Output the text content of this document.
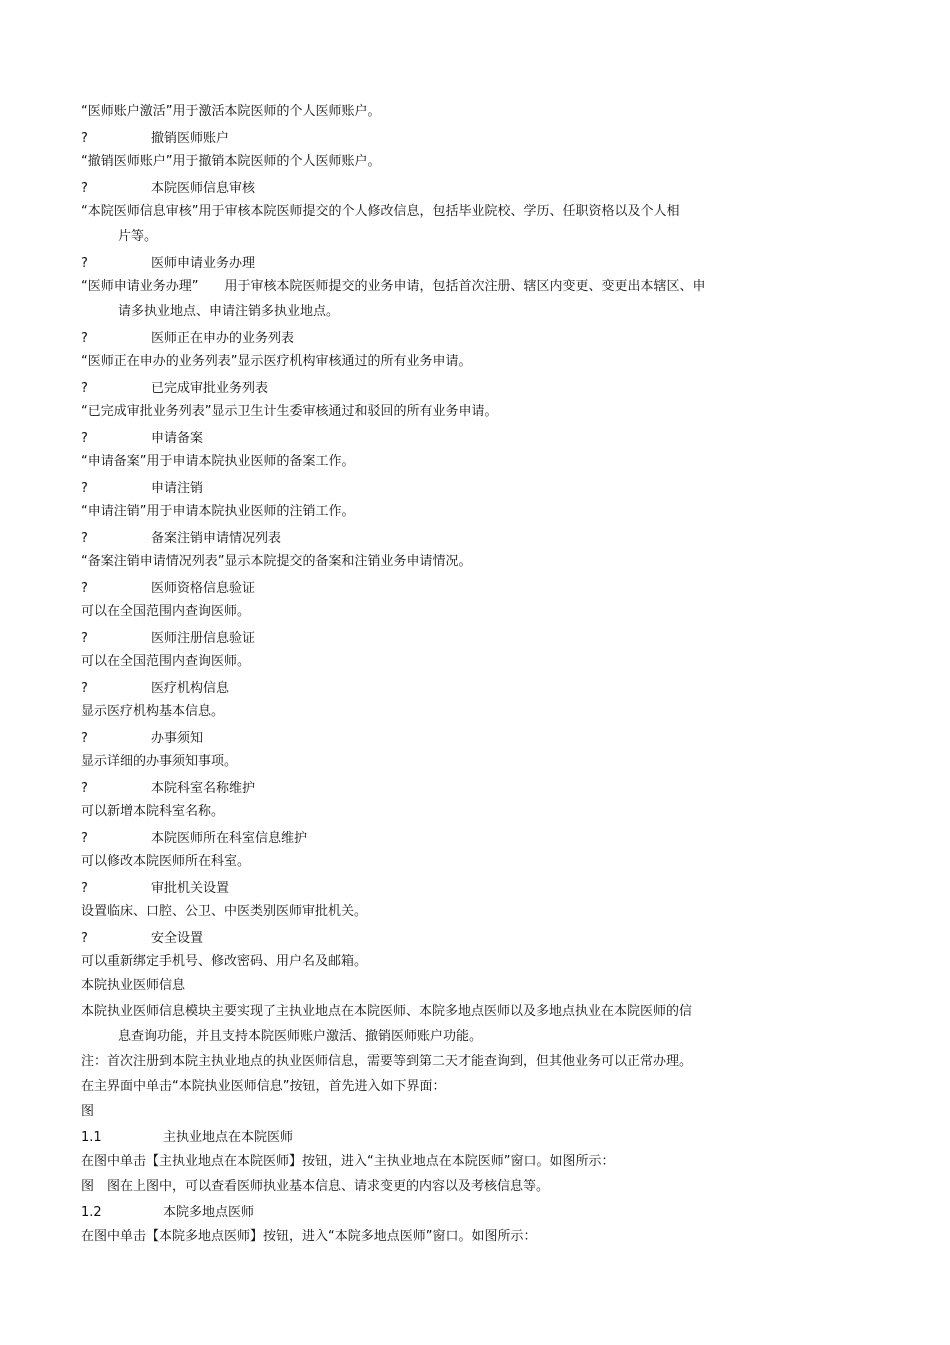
“医师账户激活”用于激活本院医师的个人医师账户。
?	撤销医师账户
“撤销医师账户”用于撤销本院医师的个人医师账户。
?	本院医师信息审核
“本院医师信息审核”用于审核本院医师提交的个人修改信息，包括毕业院校、学历、任职资格以及个人相
片等。
?	医师申请业务办理
“医师申请业务办理”　　用于审核本院医师提交的业务申请，包括首次注册、辖区内变更、变更出本辖区、申
请多执业地点、申请注销多执业地点。
?	医师正在申办的业务列表
“医师正在申办的业务列表”显示医疗机构审核通过的所有业务申请。
?	已完成审批业务列表
“已完成审批业务列表”显示卫生计生委审核通过和驳回的所有业务申请。
?	申请备案
“申请备案”用于申请本院执业医师的备案工作。
?	申请注销
“申请注销”用于申请本院执业医师的注销工作。
?	备案注销申请情况列表
“备案注销申请情况列表”显示本院提交的备案和注销业务申请情况。
?	医师资格信息验证
可以在全国范围内查询医师。
?	医师注册信息验证
可以在全国范围内查询医师。
?	医疗机构信息
显示医疗机构基本信息。
?	办事须知
显示详细的办事须知事项。
?	本院科室名称维护
可以新增本院科室名称。
?	本院医师所在科室信息维护
可以修改本院医师所在科室。
?	审批机关设置
设置临床、口腔、公卫、中医类别医师审批机关。
?	安全设置
可以重新绑定手机号、修改密码、用户名及邮箱。
本院执业医师信息
本院执业医师信息模块主要实现了主执业地点在本院医师、本院多地点医师以及多地点执业在本院医师的信
息查询功能，并且支持本院医师账户激活、撤销医师账户功能。
注：首次注册到本院主执业地点的执业医师信息，需要等到第二天才能查询到，但其他业务可以正常办理。
在主界面中单击“本院执业医师信息”按钮，首先进入如下界面：
图
1.1	主执业地点在本院医师
在图中单击【主执业地点在本院医师】按钮，进入“主执业地点在本院医师”窗口。如图所示：
图　图在上图中，可以查看医师执业基本信息、请求变更的内容以及考核信息等。
1.2	本院多地点医师
在图中单击【本院多地点医师】按钮，进入“本院多地点医师”窗口。如图所示：
